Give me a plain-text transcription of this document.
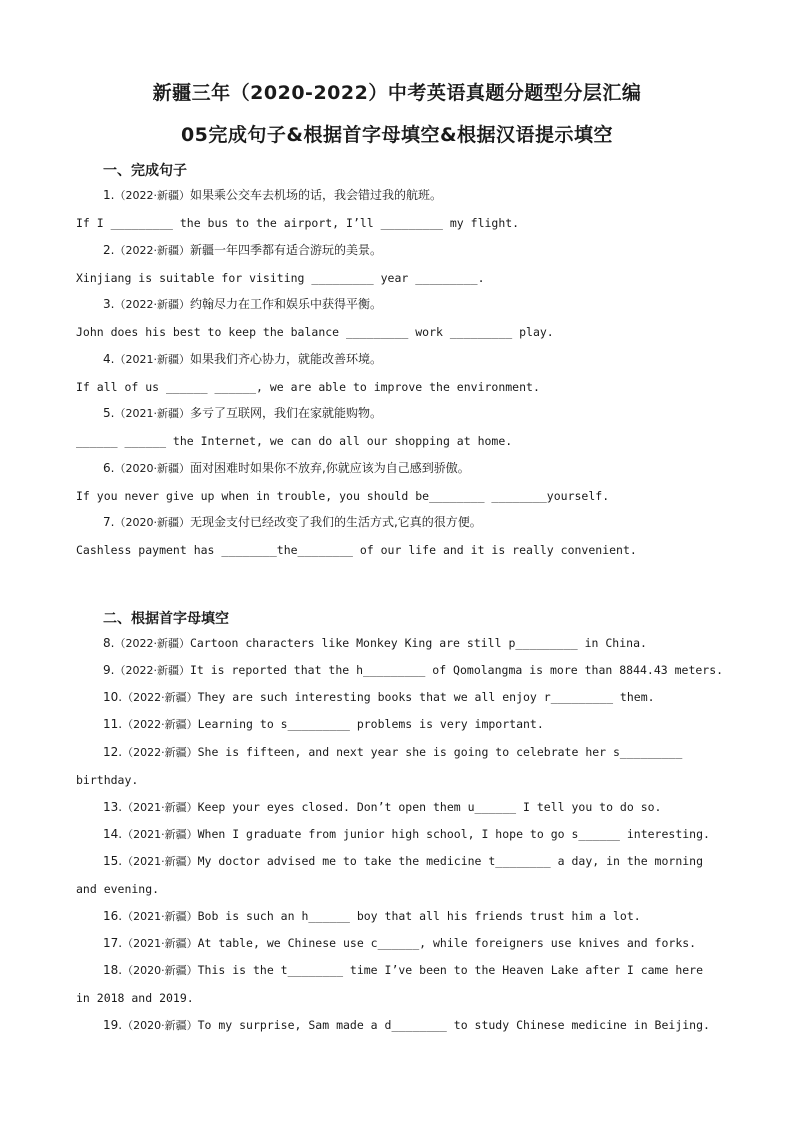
新疆三年（2020-2022）中考英语真题分题型分层汇编
05完成句子&根据首字母填空&根据汉语提示填空
一、完成句子
1.（2022·新疆）如果乘公交车去机场的话，我会错过我的航班。
If I _________ the bus to the airport, I’ll _________ my flight.
2.（2022·新疆）新疆一年四季都有适合游玩的美景。
Xinjiang is suitable for visiting _________ year _________.
3.（2022·新疆）约翰尽力在工作和娱乐中获得平衡。
John does his best to keep the balance _________ work _________ play.
4.（2021·新疆）如果我们齐心协力，就能改善环境。
If all of us ______ ______, we are able to improve the environment.
5.（2021·新疆）多亏了互联网，我们在家就能购物。
______ ______ the Internet, we can do all our shopping at home.
6.（2020·新疆）面对困难时如果你不放弃,你就应该为自己感到骄傲。
If you never give up when in trouble, you should be________ ________yourself.
7.（2020·新疆）无现金支付已经改变了我们的生活方式,它真的很方便。
Cashless payment has ________the________ of our life and it is really convenient.
二、根据首字母填空
8.（2022·新疆）Cartoon characters like Monkey King are still p_________ in China.
9.（2022·新疆）It is reported that the h_________ of Qomolangma is more than 8844.43 meters.
10.（2022·新疆）They are such interesting books that we all enjoy r_________ them.
11.（2022·新疆）Learning to s_________ problems is very important.
12.（2022·新疆）She is fifteen, and next year she is going to celebrate her s_________
birthday.
13.（2021·新疆）Keep your eyes closed. Don’t open them u______ I tell you to do so.
14.（2021·新疆）When I graduate from junior high school, I hope to go s______ interesting.
15.（2021·新疆）My doctor advised me to take the medicine t________ a day, in the morning
and evening.
16.（2021·新疆）Bob is such an h______ boy that all his friends trust him a lot.
17.（2021·新疆）At table, we Chinese use c______, while foreigners use knives and forks.
18.（2020·新疆）This is the t________ time I’ve been to the Heaven Lake after I came here
in 2018 and 2019.
19.（2020·新疆）To my surprise, Sam made a d________ to study Chinese medicine in Beijing.
